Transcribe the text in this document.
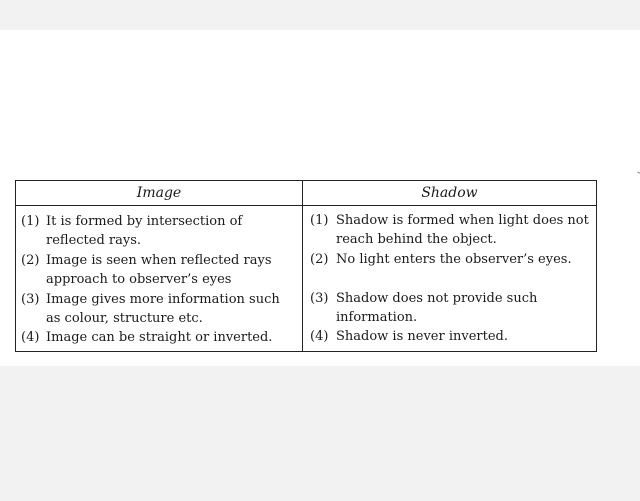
Image
(1) It is formed by intersection of reflected rays.
(2) Image is seen when reflected rays approach to observer’s eyes
(3) Image gives more information such as colour, structure etc.
(4) Image can be straight or inverted.
Shadow
(1) Shadow is formed when light does not reach behind the object.
(2) No light enters the observer’s eyes.
(3) Shadow does not provide such information.
(4) Shadow is never inverted.
